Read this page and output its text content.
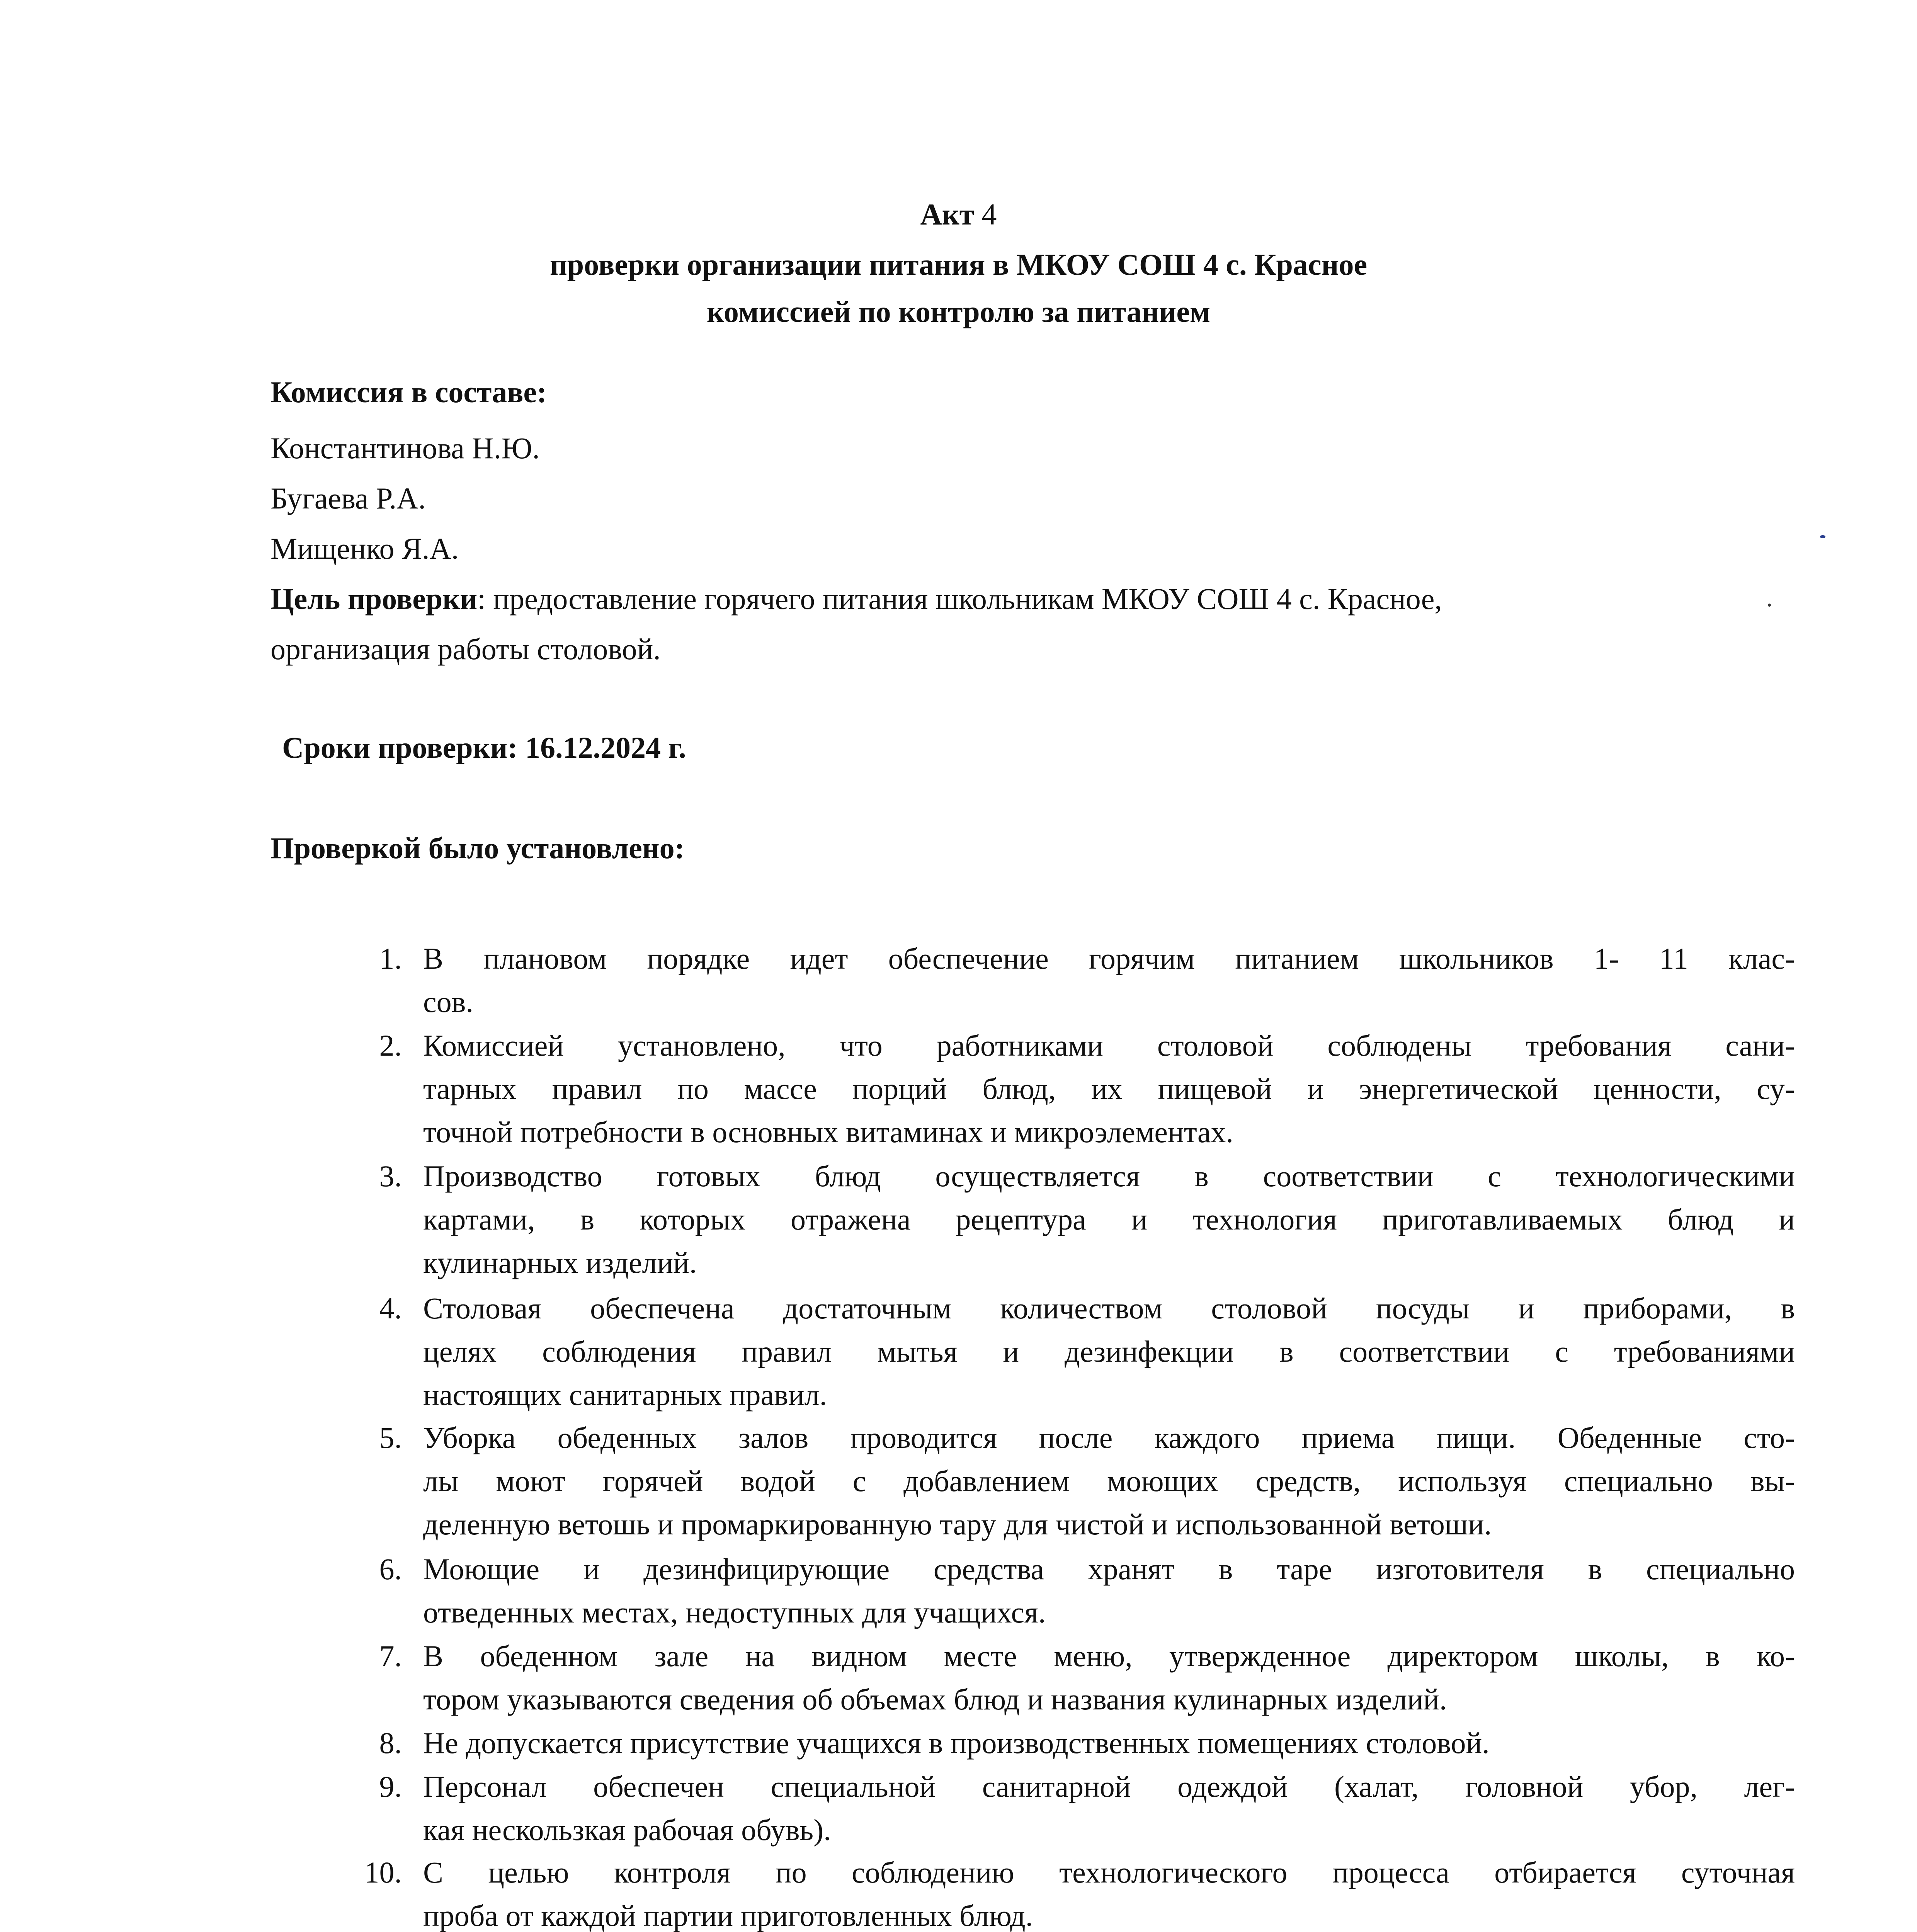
Акт 4
проверки организации питания в МКОУ СОШ 4 с. Красное
комиссией по контролю за питанием
Комиссия в составе:
Константинова Н.Ю.
Бугаева Р.А.
Мищенко Я.А.
Цель проверки: предоставление горячего питания школьникам МКОУ СОШ 4 с. Красное,
организация работы столовой.
Сроки проверки: 16.12.2024 г.
Проверкой было установлено:
1. В плановом порядке идет обеспечение горячим питанием школьников 1- 11 клас-
сов.
2. Комиссией установлено, что работниками столовой соблюдены требования сани-
тарных правил по массе порций блюд, их пищевой и энергетической ценности, су-
точной потребности в основных витаминах и микроэлементах.
3. Производство готовых блюд осуществляется в соответствии с технологическими
картами, в которых отражена рецептура и технология приготавливаемых блюд и
кулинарных изделий.
4. Столовая обеспечена достаточным количеством столовой посуды и приборами, в
целях соблюдения правил мытья и дезинфекции в соответствии с требованиями
настоящих санитарных правил.
5. Уборка обеденных залов проводится после каждого приема пищи. Обеденные сто-
лы моют горячей водой с добавлением моющих средств, используя специально вы-
деленную ветошь и промаркированную тару для чистой и использованной ветоши.
6. Моющие и дезинфицирующие средства хранят в таре изготовителя в специально
отведенных местах, недоступных для учащихся.
7. В обеденном зале на видном месте меню, утвержденное директором школы, в ко-
тором указываются сведения об объемах блюд и названия кулинарных изделий.
8. Не допускается присутствие учащихся в производственных помещениях столовой.
9. Персонал обеспечен специальной санитарной одеждой (халат, головной убор, лег-
кая нескользкая рабочая обувь).
10. С целью контроля по соблюдению технологического процесса отбирается суточная
проба от каждой партии приготовленных блюд.
